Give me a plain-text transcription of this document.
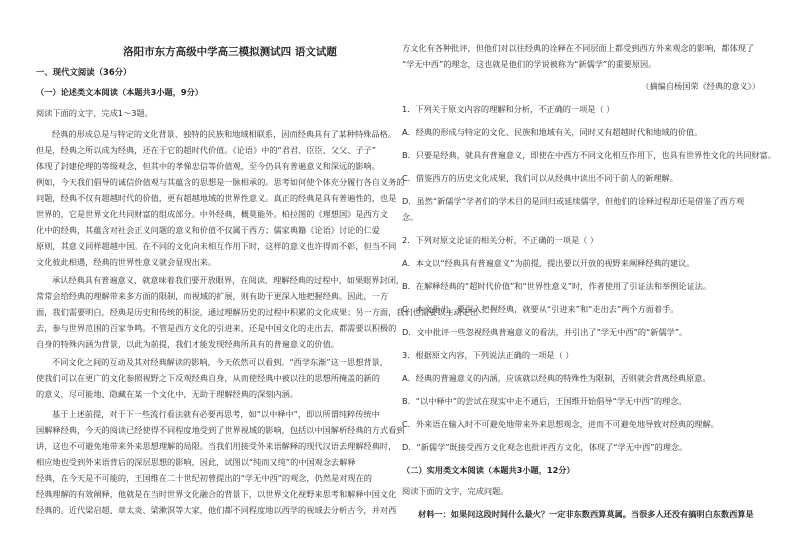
洛阳市东方高级中学高三模拟测试四 语文试题
一、现代文阅读（36分）
（一）论述类文本阅读（本题共3小题，9分）
阅读下面的文字，完成1～3题。
经典的形成总是与特定的文化背景、独特的民族和地域相联系，因而经典具有了某种特殊品格。
但是，经典之所以成为经典，还在于它的超时代价值。《论语》中的“君君、臣臣、父父、子子”
体现了封建伦理的等级观念，但其中的孝悌忠信等价值观，至今仍具有普遍意义和深远的影响。
例如，今天我们倡导的诚信价值观与其蕴含的思想是一脉相承的。思考如何使个体充分履行各自义务的
问题，经典不仅有超越时代的价值，更有超越地域的世界性意义。真正的经典是具有普遍性的，也是
世界的，它是世界文化共同财富的组成部分。中外经典，概莫能外。柏拉图的《理想国》是西方文
化中的经典，其蕴含对社会正义问题的意义和价值不仅属于西方；儒家典籍《论语》讨论的仁爱
原则，其意义同样超越中国。在不同的文化向未相互作用下时，这样的意义也许得而不彰，但当不同
文化彼此相遇，经典的世界性意义就会显现出来。
承认经典具有普遍意义，就意味着我们要开放眼界，在阅读、理解经典的过程中，如果眼界封闭，
常常会给经典的理解带来多方面的限制，而视域的扩展，则有助于更深入地把握经典。因此，一方
面，我们需要明白，经典是历史和传统的积淀，通过理解历史的过程中积累的文化成果；另一方面，我们也需要以主动走出
去，参与世界范围的百家争鸣。不管是西方文化的引进来，还是中国文化的走出去，都需要以积极的
自身的特殊内涵为背景，以此为前提，我们才能发现经典所具有的普遍意义的价值。
不同文化之间的互动及其对经典解读的影响，今天依然可以看到。“西学东渐”这一思想背景，
使我们可以在更广的文化参照视野之下反观经典自身，从而使经典中被以往的思想所掩盖的新的
的意义，尽可能地、隐藏在某一个文化中，无助于理解经典的深刻内涵。
基于上述前提，对于下一些流行看法就有必要再思考，如“以中释中”，即以所谓纯粹传统中
国解释经典，今天的阅读已经使得不同程度地受到了世界视域的影响，包括以中国解析经典的方式看到
讲，这也不可避免地带来外来思想理解的局限。当我们用接受外来语解释的现代汉语去理解经典时，
相应地也受到外来语背后的深层思想的影响，因此，试图以“纯而又纯”的中国观念去解释
经典，在今天是不可能的，王国维在二十世纪初曾提出的“学无中西”的观念，仍然是对现在的
经典理解的有效阐释，他就是在当时世界文化融合的背景下，以世界文化视野来思考和解释中国文化
经典的。近代梁启超、章太炎、梁漱溟等大家，他们都不同程度地以西学的视域去分析古今，并对西
方文化有各种批评，但他们对以往经典的诠释在不同层面上都受到西方外来观念的影响，都体现了
“学无中西”的理念，这也就是他们的学说被称为“新儒学”的重要原因。
（摘编自杨国荣《经典的意义》）
1．下列关于原文内容的理解和分析，不正确的一项是（ ）
A．经典的形成与特定的文化、民族和地域有关，同时又有超越时代和地域的价值。
B．只要是经典，就具有普遍意义，即使在中西方不同文化相互作用下，也具有世界性文化的共同财富。
C．借鉴西方的历史文化成果，我们可以从经典中读出不同于前人的新理解。
D．虽然“新儒学”学者们的学术目的是回归或延续儒学，但他们的诠释过程却还是借鉴了西方观
念。
2．下列对原文论证的相关分析，不正确的一项是（ ）
A．本文以“经典具有普遍意义”为前提，提出要以开放的视野来阐释经典的建议。
B．在解释经典的“超时代价值”和“世界性意义”时，作者使用了引证法和举例论证法。
C．本文指出，要深入把握经典，就要从“引进来”和“走出去”两个方面着手。
D．文中批评一些忽视经典普遍意义的看法，并引出了“学无中西”的“新儒学”。
3．根据原文内容，下列说法正确的一项是（ ）
A．经典的普遍意义的内涵，应该就以经典的特殊性为限制，否则就会背离经典原意。
B．“以中释中”的尝试在现实中走不通后，王国维开始倡导“学无中西”的理念。
C．外来语在输入时不可避免地带来外来思想观念，进而不可避免地导致对经典的理解。
D．“新儒学”既接受西方文化观念也批评西方文化，体现了“学无中西”的理念。
（二）实用类文本阅读（本题共3小题，12分）
阅读下面的文字，完成问题。
材料一：如果问这段时间什么最火？一定非东数西算莫属。当很多人还没有搞明白东数西算是
